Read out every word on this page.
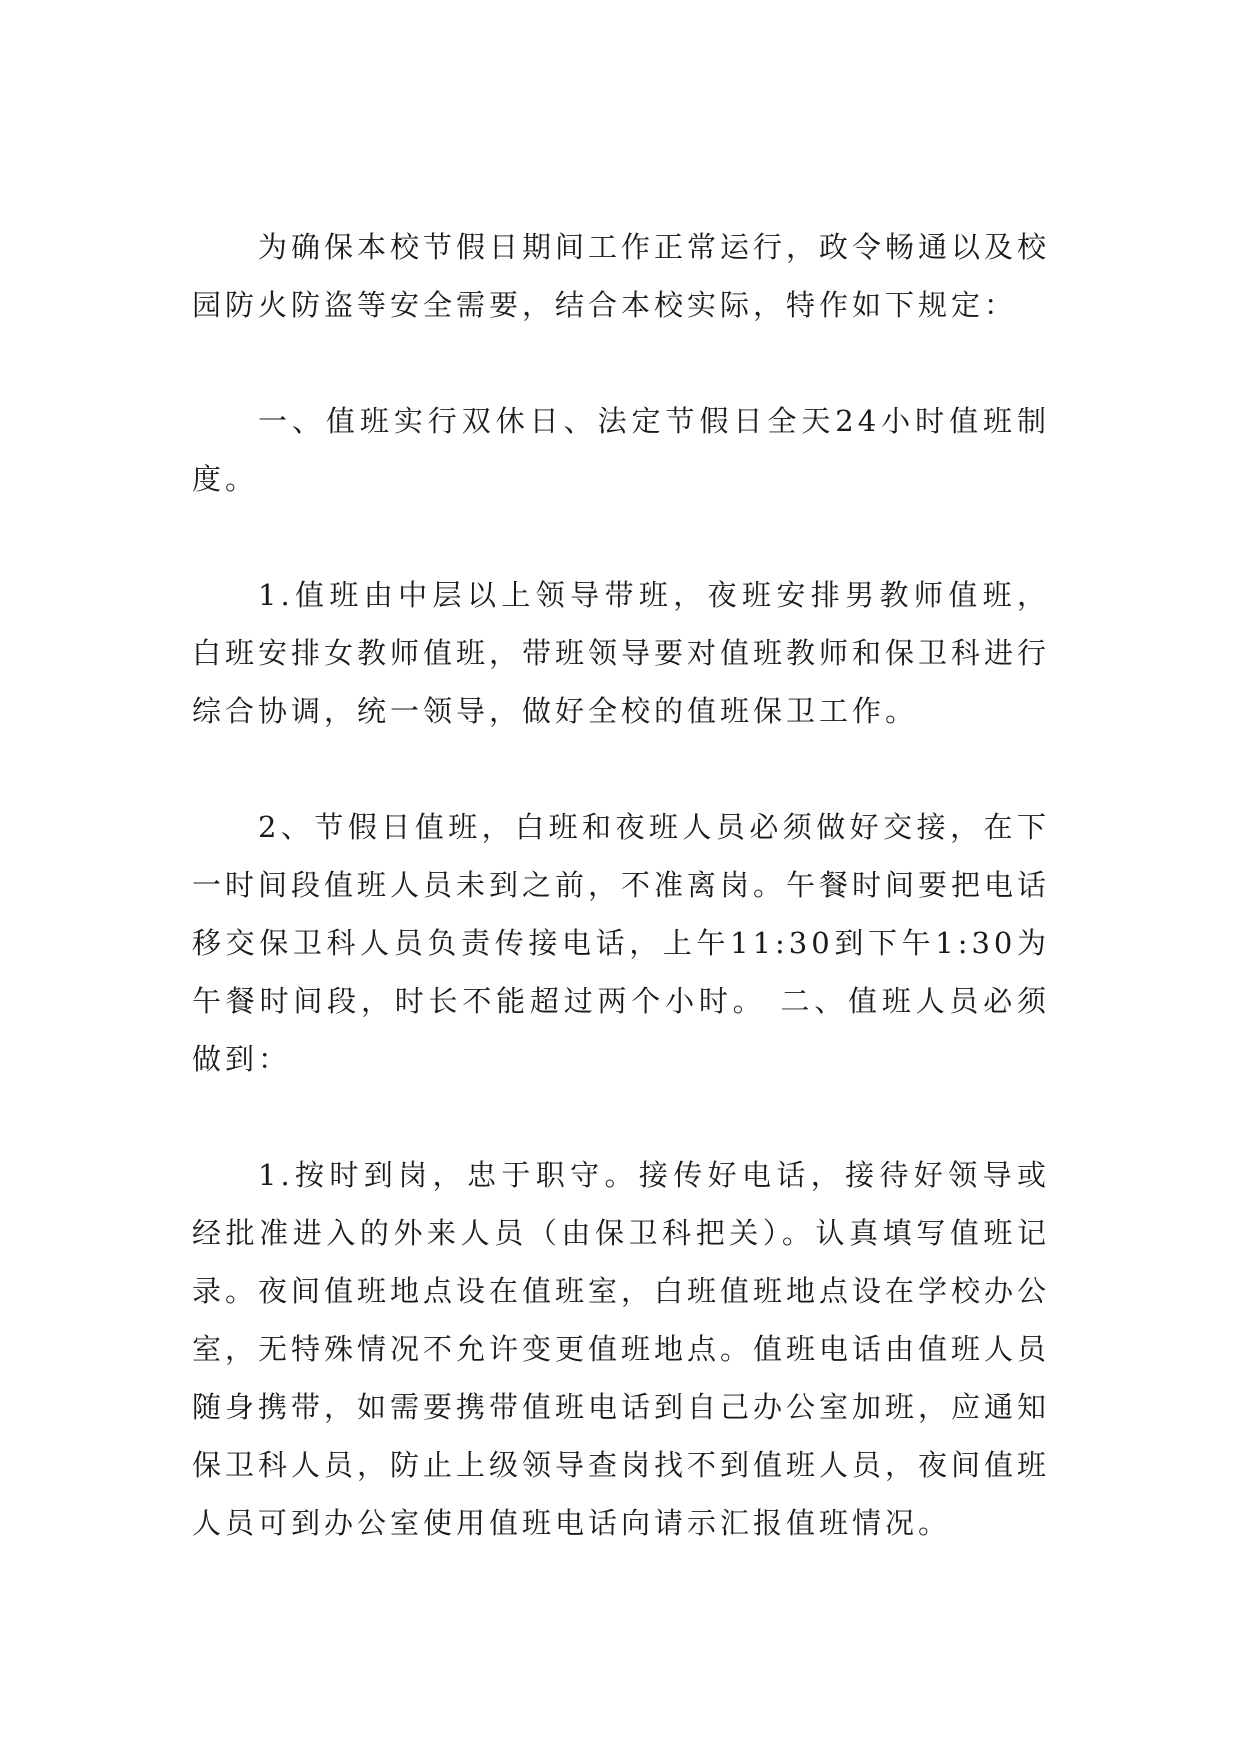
为确保本校节假日期间工作正常运行，政令畅通以及校园防火防盗等安全需要，结合本校实际，特作如下规定：

一、值班实行双休日、法定节假日全天24小时值班制度。

1.值班由中层以上领导带班，夜班安排男教师值班，白班安排女教师值班，带班领导要对值班教师和保卫科进行综合协调，统一领导，做好全校的值班保卫工作。

2、节假日值班，白班和夜班人员必须做好交接，在下一时间段值班人员未到之前，不准离岗。午餐时间要把电话移交保卫科人员负责传接电话，上午11:30到下午1:30为午餐时间段，时长不能超过两个小时。 二、值班人员必须做到：

1.按时到岗，忠于职守。接传好电话，接待好领导或经批准进入的外来人员（由保卫科把关）。认真填写值班记录。夜间值班地点设在值班室，白班值班地点设在学校办公室，无特殊情况不允许变更值班地点。值班电话由值班人员随身携带，如需要携带值班电话到自己办公室加班，应通知保卫科人员，防止上级领导查岗找不到值班人员，夜间值班人员可到办公室使用值班电话向请示汇报值班情况。
